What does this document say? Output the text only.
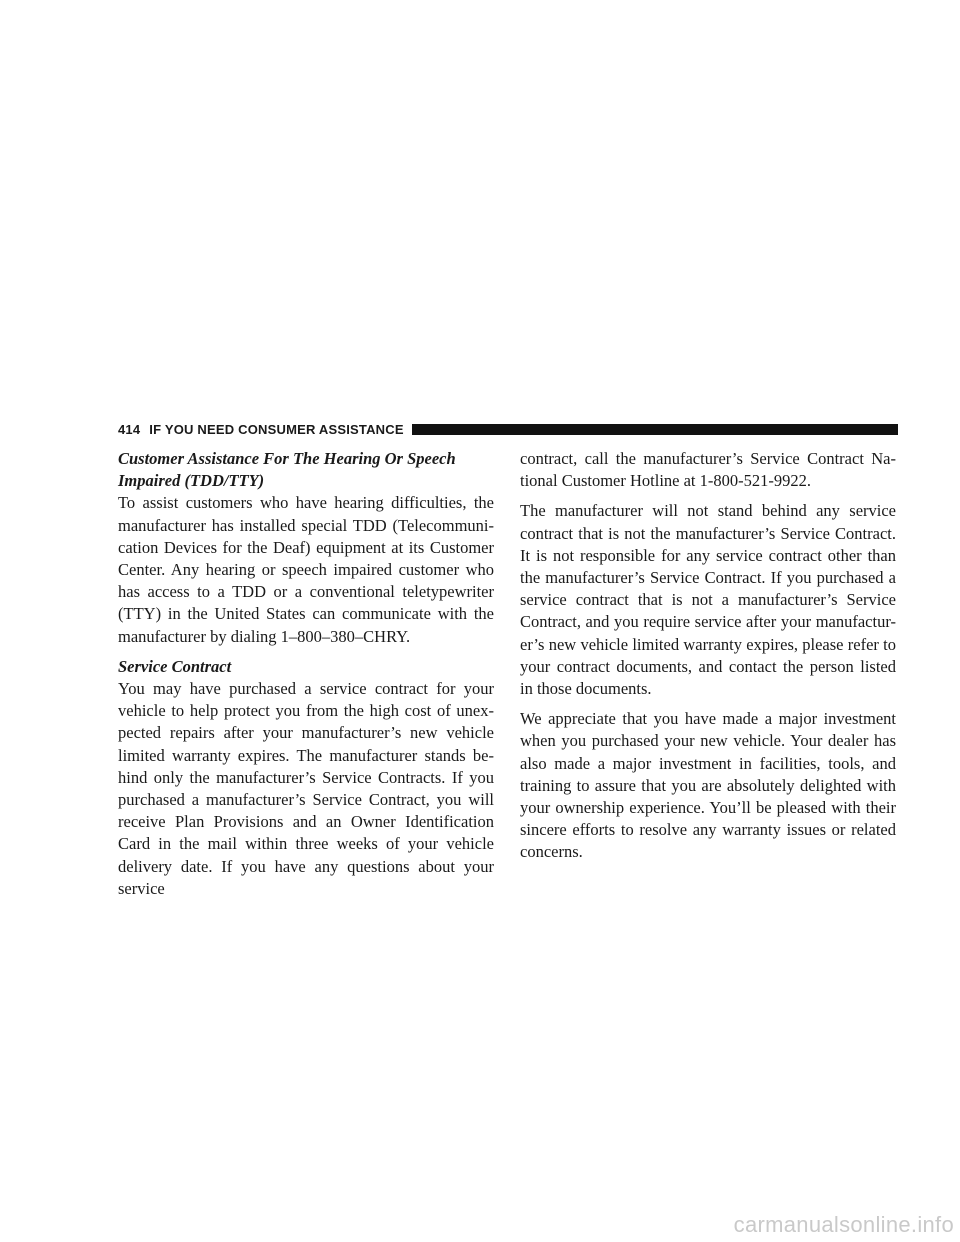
414 IF YOU NEED CONSUMER ASSISTANCE

Customer Assistance For The Hearing Or Speech
Impaired (TDD/TTY)

To assist customers who have hearing difficulties, the manufacturer has installed special TDD (Telecommuni-cation Devices for the Deaf) equipment at its Customer Center. Any hearing or speech impaired customer who has access to a TDD or a conventional teletypewriter (TTY) in the United States can communicate with the manufacturer by dialing 1–800–380–CHRY.

Service Contract

You may have purchased a service contract for your vehicle to help protect you from the high cost of unex-pected repairs after your manufacturer’s new vehicle limited warranty expires. The manufacturer stands be-hind only the manufacturer’s Service Contracts. If you purchased a manufacturer’s Service Contract, you will receive Plan Provisions and an Owner Identification Card in the mail within three weeks of your vehicle delivery date. If you have any questions about your service

contract, call the manufacturer’s Service Contract Na-tional Customer Hotline at 1-800-521-9922.

The manufacturer will not stand behind any service contract that is not the manufacturer’s Service Contract. It is not responsible for any service contract other than the manufacturer’s Service Contract. If you purchased a service contract that is not a manufacturer’s Service Contract, and you require service after your manufactur-er’s new vehicle limited warranty expires, please refer to your contract documents, and contact the person listed in those documents.

We appreciate that you have made a major investment when you purchased your new vehicle. Your dealer has also made a major investment in facilities, tools, and training to assure that you are absolutely delighted with your ownership experience. You’ll be pleased with their sincere efforts to resolve any warranty issues or related concerns.

carmanualsonline.info
